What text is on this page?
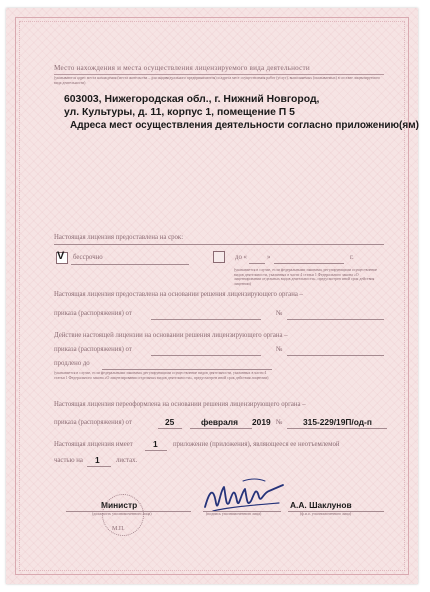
Место нахождения и места осуществления лицензируемого вида деятельности
(указываются адрес места нахождения (места жительства – для индивидуального предпринимателя) и адреса мест осуществления работ (услуг), выполняемых (оказываемых) в составе лицензируемого вида деятельности)
603003, Нижегородская обл., г. Нижний Новгород,
ул. Культуры, д. 11, корпус 1, помещение П 5
Адреса мест осуществления деятельности согласно приложению(ям)
Настоящая лицензия предоставлена на срок:
V бессрочно	до «	»	г.
(указывается в случае, если федеральными законами, регулирующими осуществление видов деятельности, указанных в части 4 статьи 1 Федерального закона «О лицензировании отдельных видов деятельности», предусмотрен иной срок действия лицензии)
Настоящая лицензия предоставлена на основании решения лицензирующего органа –
приказа (распоряжения) от	№
Действие настоящей лицензии на основании решения лицензирующего органа –
приказа (распоряжения) от	№
продлено до
(указывается в случае, если федеральными законами, регулирующими осуществление видов деятельности, указанных в части 4 статьи 1 Федерального закона «О лицензировании отдельных видов деятельности», предусмотрен иной срок действия лицензии)
Настоящая лицензия переоформлена на основании решения лицензирующего органа –
приказа (распоряжения) от	25	февраля 2019 № 315-229/19П/од-п
Настоящая лицензия имеет 1 приложение (приложения), являющееся ее неотъемлемой
частью на 1 листах.
Министр
(должность уполномоченного лица)	(подпись уполномоченного лица)
А.А. Шаклунов
(ф.и.о. уполномоченного лица)
М.П.
